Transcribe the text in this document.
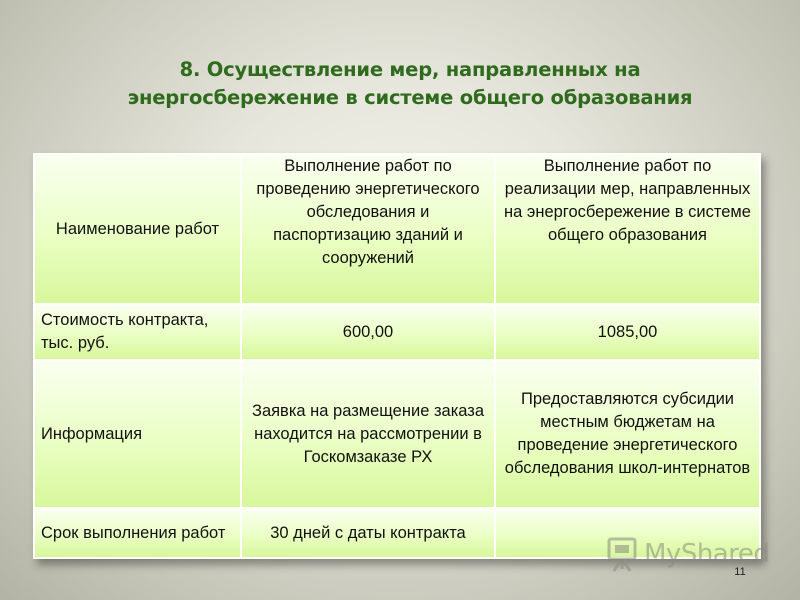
8. Осуществление мер, направленных на
энергосбережение в системе общего образования
Наименование работ	Выполнение работ по проведению энергетического обследования и паспортизацию зданий и сооружений	Выполнение работ по реализации мер, направленных на энергосбережение в системе общего образования
Стоимость контракта, тыс. руб.	600,00	1085,00
Информация	Заявка на размещение заказа находится на рассмотрении в Госкомзаказе РХ	Предоставляются субсидии местным бюджетам на проведение энергетического обследования школ-интернатов
Срок выполнения работ	30 дней с даты контракта	
MyShared
11
